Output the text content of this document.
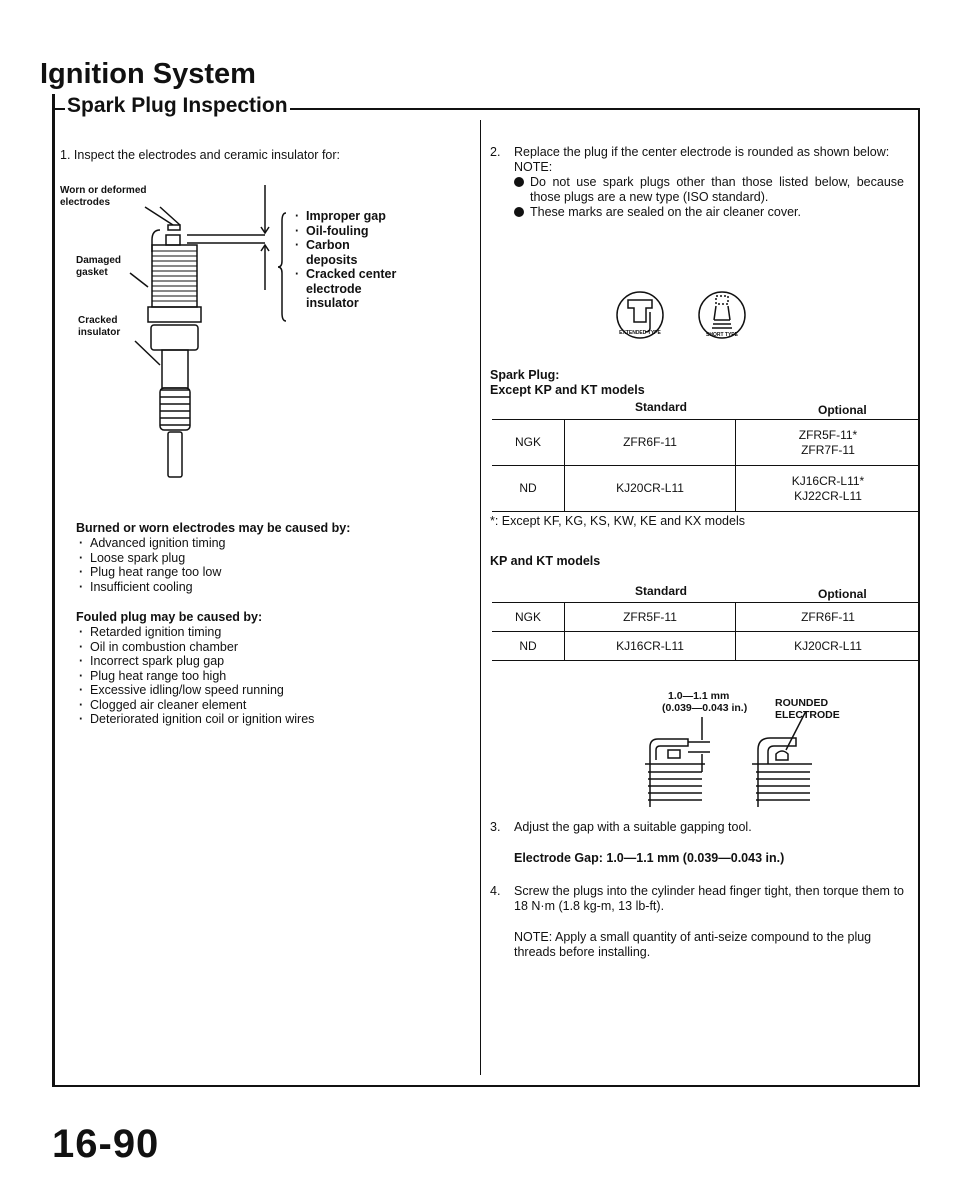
Ignition System
Spark Plug Inspection
1. Inspect the electrodes and ceramic insulator for:
Worn or deformed
electrodes
Damaged
gasket
Cracked
insulator
· Improper gap
· Oil-fouling
· Carbon deposits
· Cracked center electrode insulator
Burned or worn electrodes may be caused by:
· Advanced ignition timing
· Loose spark plug
· Plug heat range too low
· Insufficient cooling
Fouled plug may be caused by:
· Retarded ignition timing
· Oil in combustion chamber
· Incorrect spark plug gap
· Plug heat range too high
· Excessive idling/low speed running
· Clogged air cleaner element
· Deteriorated ignition coil or ignition wires
2. Replace the plug if the center electrode is rounded as shown below:
NOTE:
Do not use spark plugs other than those listed below, because those plugs are a new type (ISO standard).
These marks are sealed on the air cleaner cover.
EXTENDED TYPE	SHORT TYPE
Spark Plug:
Except KP and KT models
Standard	Optional
NGK	ZFR6F-11	ZFR5F-11*
ZFR7F-11

ND	KJ20CR-L11	KJ16CR-L11*
KJ22CR-L11
*: Except KF, KG, KS, KW, KE and KX models
KP and KT models
Standard	Optional
NGK	ZFR5F-11	ZFR6F-11
ND	KJ16CR-L11	KJ20CR-L11
1.0—1.1 mm
(0.039—0.043 in.)	ROUNDED
ELECTRODE
3. Adjust the gap with a suitable gapping tool.
Electrode Gap: 1.0—1.1 mm (0.039—0.043 in.)
4. Screw the plugs into the cylinder head finger tight, then torque them to 18 N·m (1.8 kg-m, 13 lb-ft).
NOTE: Apply a small quantity of anti-seize compound to the plug threads before installing.
16-90
